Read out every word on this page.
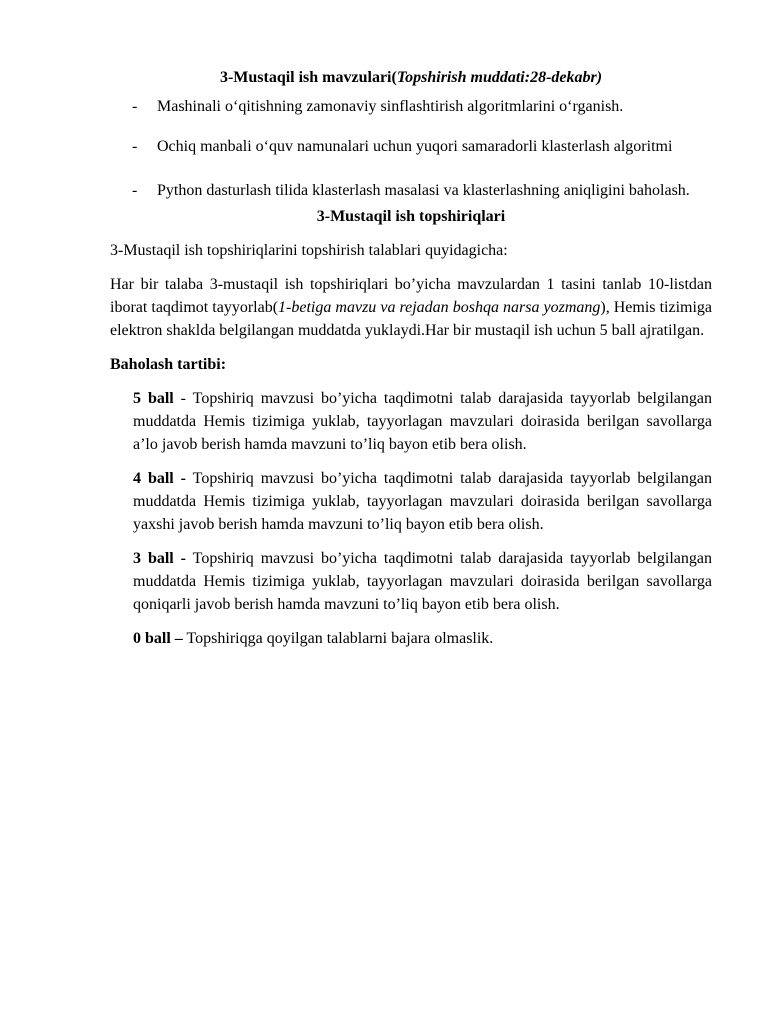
3-Mustaqil ish mavzulari(Topshirish muddati:28-dekabr)

- Mashinali o‘qitishning zamonaviy sinflashtirish algoritmlarini o‘rganish.
- Ochiq manbali o‘quv namunalari uchun yuqori samaradorli klasterlash algoritmi
- Python dasturlash tilida klasterlash masalasi va klasterlashning aniqligini baholash.

3-Mustaqil ish topshiriqlari

3-Mustaqil ish topshiriqlarini topshirish talablari quyidagicha:

Har bir talaba 3-mustaqil ish topshiriqlari bo’yicha mavzulardan 1 tasini tanlab 10-listdan iborat taqdimot tayyorlab(1-betiga mavzu va rejadan boshqa narsa yozmang), Hemis tizimiga elektron shaklda belgilangan muddatda yuklaydi.Har bir mustaqil ish uchun 5 ball ajratilgan.

Baholash tartibi:

5 ball - Topshiriq mavzusi bo’yicha taqdimotni talab darajasida tayyorlab belgilangan muddatda Hemis tizimiga yuklab, tayyorlagan mavzulari doirasida berilgan savollarga a’lo javob berish hamda mavzuni to’liq bayon etib bera olish.

4 ball - Topshiriq mavzusi bo’yicha taqdimotni talab darajasida tayyorlab belgilangan muddatda Hemis tizimiga yuklab, tayyorlagan mavzulari doirasida berilgan savollarga yaxshi javob berish hamda mavzuni to’liq bayon etib bera olish.

3 ball - Topshiriq mavzusi bo’yicha taqdimotni talab darajasida tayyorlab belgilangan muddatda Hemis tizimiga yuklab, tayyorlagan mavzulari doirasida berilgan savollarga qoniqarli javob berish hamda mavzuni to’liq bayon etib bera olish.

0 ball – Topshiriqga qoyilgan talablarni bajara olmaslik.
